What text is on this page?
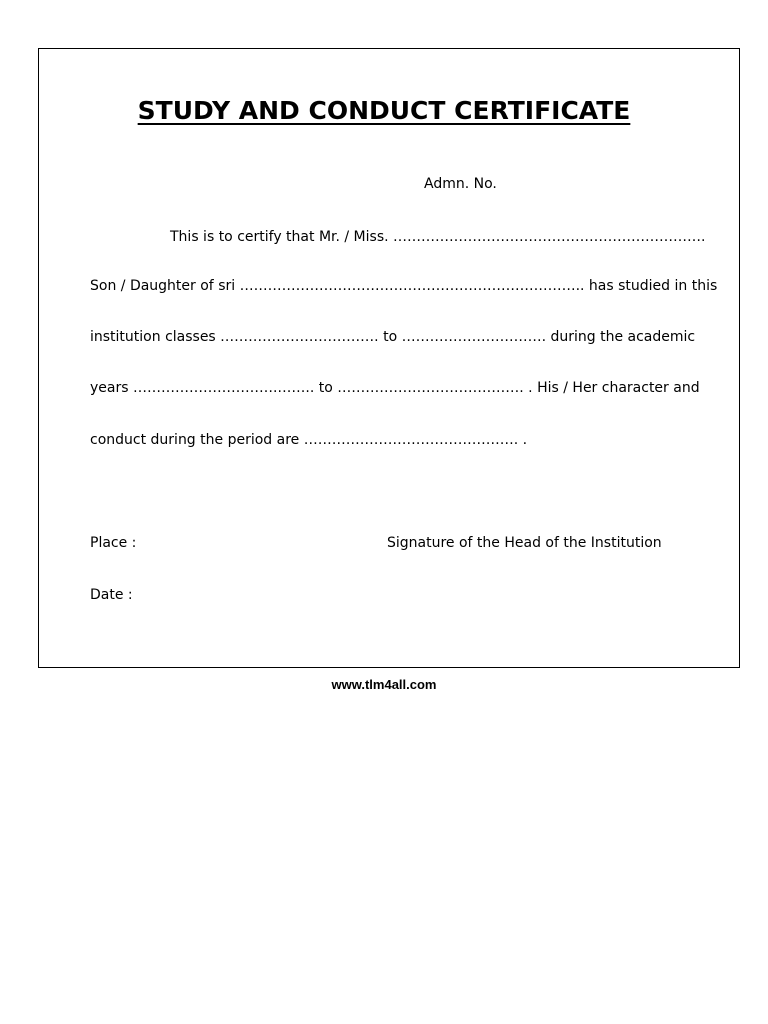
STUDY AND CONDUCT CERTIFICATE
Admn. No.
This is to certify that Mr. / Miss. ………………………………………………………….
Son / Daughter of sri ……………………………………………………………….. has studied in this
institution classes ……………………………. to …………………………. during the academic
years ………………………….…….. to …………………………………. . His / Her character and
conduct during the period are ………………………………………. .
Place :	Signature of the Head of the Institution
Date :
www.tlm4all.com
